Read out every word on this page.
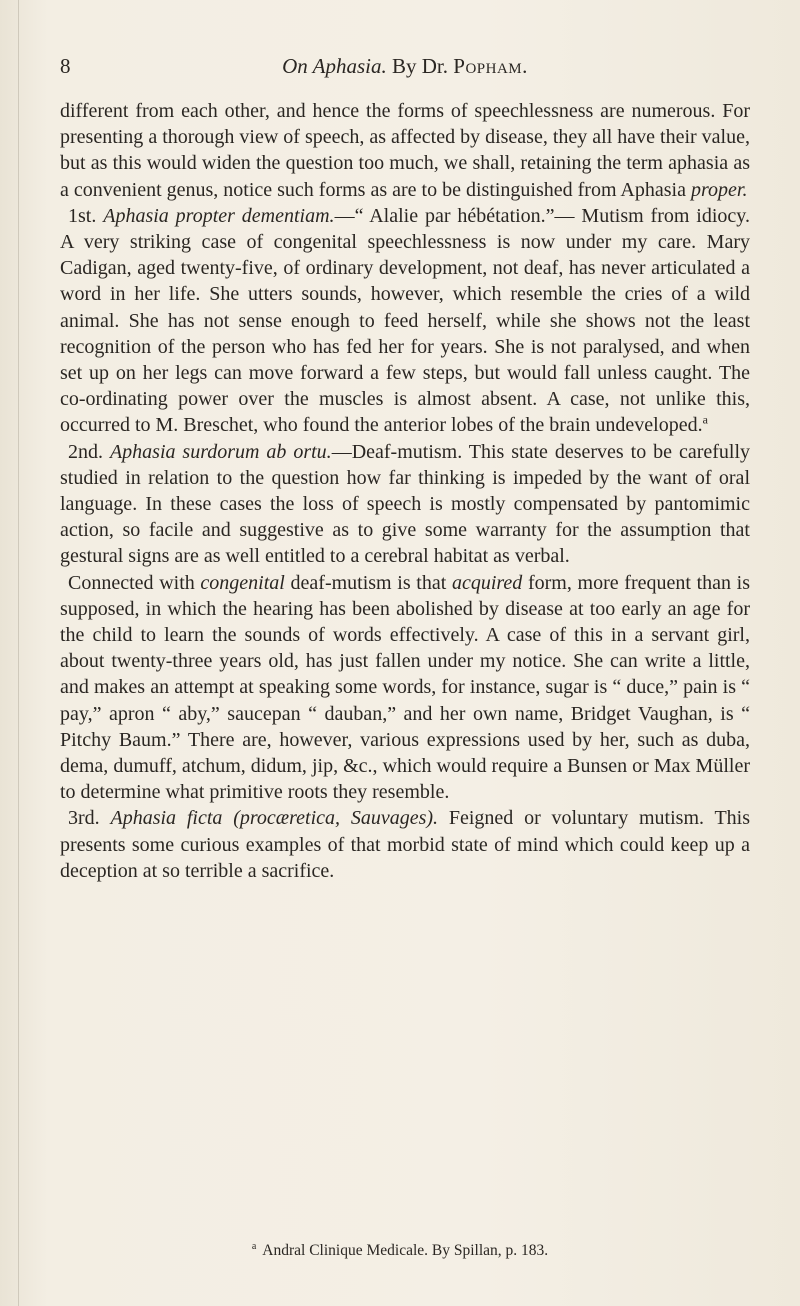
8	On Aphasia. By Dr. Popham.

different from each other, and hence the forms of speechlessness are numerous. For presenting a thorough view of speech, as affected by disease, they all have their value, but as this would widen the question too much, we shall, retaining the term aphasia as a convenient genus, notice such forms as are to be distinguished from Aphasia proper.

1st. Aphasia propter dementiam.—“ Alalie par hébétation.”— Mutism from idiocy. A very striking case of congenital speechlessness is now under my care. Mary Cadigan, aged twenty-five, of ordinary development, not deaf, has never articulated a word in her life. She utters sounds, however, which resemble the cries of a wild animal. She has not sense enough to feed herself, while she shows not the least recognition of the person who has fed her for years. She is not paralysed, and when set up on her legs can move forward a few steps, but would fall unless caught. The co-ordinating power over the muscles is almost absent. A case, not unlike this, occurred to M. Breschet, who found the anterior lobes of the brain undeveloped.$^a$

2nd. Aphasia surdorum ab ortu.—Deaf-mutism. This state deserves to be carefully studied in relation to the question how far thinking is impeded by the want of oral language. In these cases the loss of speech is mostly compensated by pantomimic action, so facile and suggestive as to give some warranty for the assumption that gestural signs are as well entitled to a cerebral habitat as verbal.

Connected with congenital deaf-mutism is that acquired form, more frequent than is supposed, in which the hearing has been abolished by disease at too early an age for the child to learn the sounds of words effectively. A case of this in a servant girl, about twenty-three years old, has just fallen under my notice. She can write a little, and makes an attempt at speaking some words, for instance, sugar is “ duce,” pain is “ pay,” apron “ aby,” saucepan “ dauban,” and her own name, Bridget Vaughan, is “ Pitchy Baum.” There are, however, various expressions used by her, such as duba, dema, dumuff, atchum, didum, jip, &c., which would require a Bunsen or Max Müller to determine what primitive roots they resemble.

3rd. Aphasia ficta (procæretica, Sauvages). Feigned or voluntary mutism. This presents some curious examples of that morbid state of mind which could keep up a deception at so terrible a sacrifice.

$^a$ Andral Clinique Medicale. By Spillan, p. 183.
